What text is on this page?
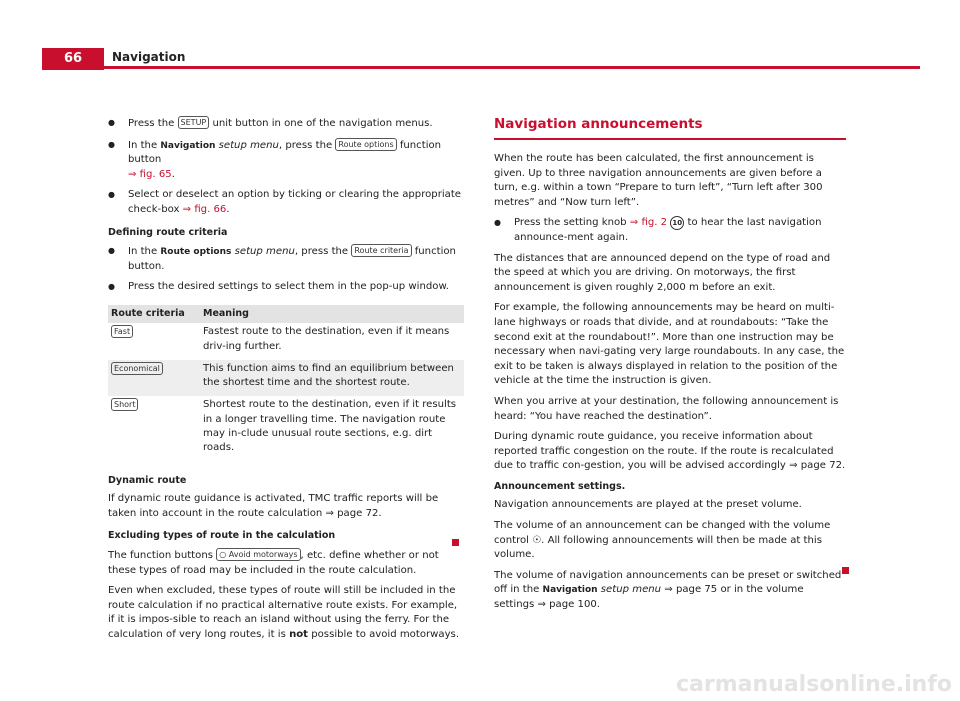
66	Navigation
● Press the SETUP unit button in one of the navigation menus.
● In the Navigation setup menu, press the Route options function button
⇒ fig. 65.
● Select or deselect an option by ticking or clearing the appropriate check-box ⇒ fig. 66.
Defining route criteria
● In the Route options setup menu, press the Route criteria function button.
● Press the desired settings to select them in the pop-up window.
Route criteria	Meaning
Fast	Fastest route to the destination, even if it means driv-ing further.
Economical	This function aims to find an equilibrium between the shortest time and the shortest route.
Short	Shortest route to the destination, even if it results in a longer travelling time. The navigation route may in-clude unusual route sections, e.g. dirt roads.
Dynamic route

If dynamic route guidance is activated, TMC traffic reports will be taken into account in the route calculation ⇒ page 72.

Excluding types of route in the calculation

The function buttons ○ Avoid motorways , etc. define whether or not these types of road may be included in the route calculation.

Even when excluded, these types of route will still be included in the route calculation if no practical alternative route exists. For example, if it is impos-sible to reach an island without using the ferry. For the calculation of very long routes, it is not possible to avoid motorways.

Navigation announcements

When the route has been calculated, the first announcement is given. Up to three navigation announcements are given before a turn, e.g. within a town “Prepare to turn left”, “Turn left after 300 metres” and “Now turn left”.

● Press the setting knob ⇒ fig. 2 10 to hear the last navigation announce-ment again.

The distances that are announced depend on the type of road and the speed at which you are driving. On motorways, the first announcement is given roughly 2,000 m before an exit.

For example, the following announcements may be heard on multi-lane highways or roads that divide, and at roundabouts: “Take the second exit at the roundabout!”. More than one instruction may be necessary when navi-gating very large roundabouts. In any case, the exit to be taken is always displayed in relation to the position of the vehicle at the time the instruction is given.

When you arrive at your destination, the following announcement is heard: “You have reached the destination”.

During dynamic route guidance, you receive information about reported traffic congestion on the route. If the route is recalculated due to traffic con-gestion, you will be advised accordingly ⇒ page 72.

Announcement settings.

Navigation announcements are played at the preset volume.

The volume of an announcement can be changed with the volume control ☉. All following announcements will then be made at this volume.

The volume of navigation announcements can be preset or switched off in the Navigation setup menu ⇒ page 75 or in the volume settings ⇒ page 100.

carmanualsonline.info
